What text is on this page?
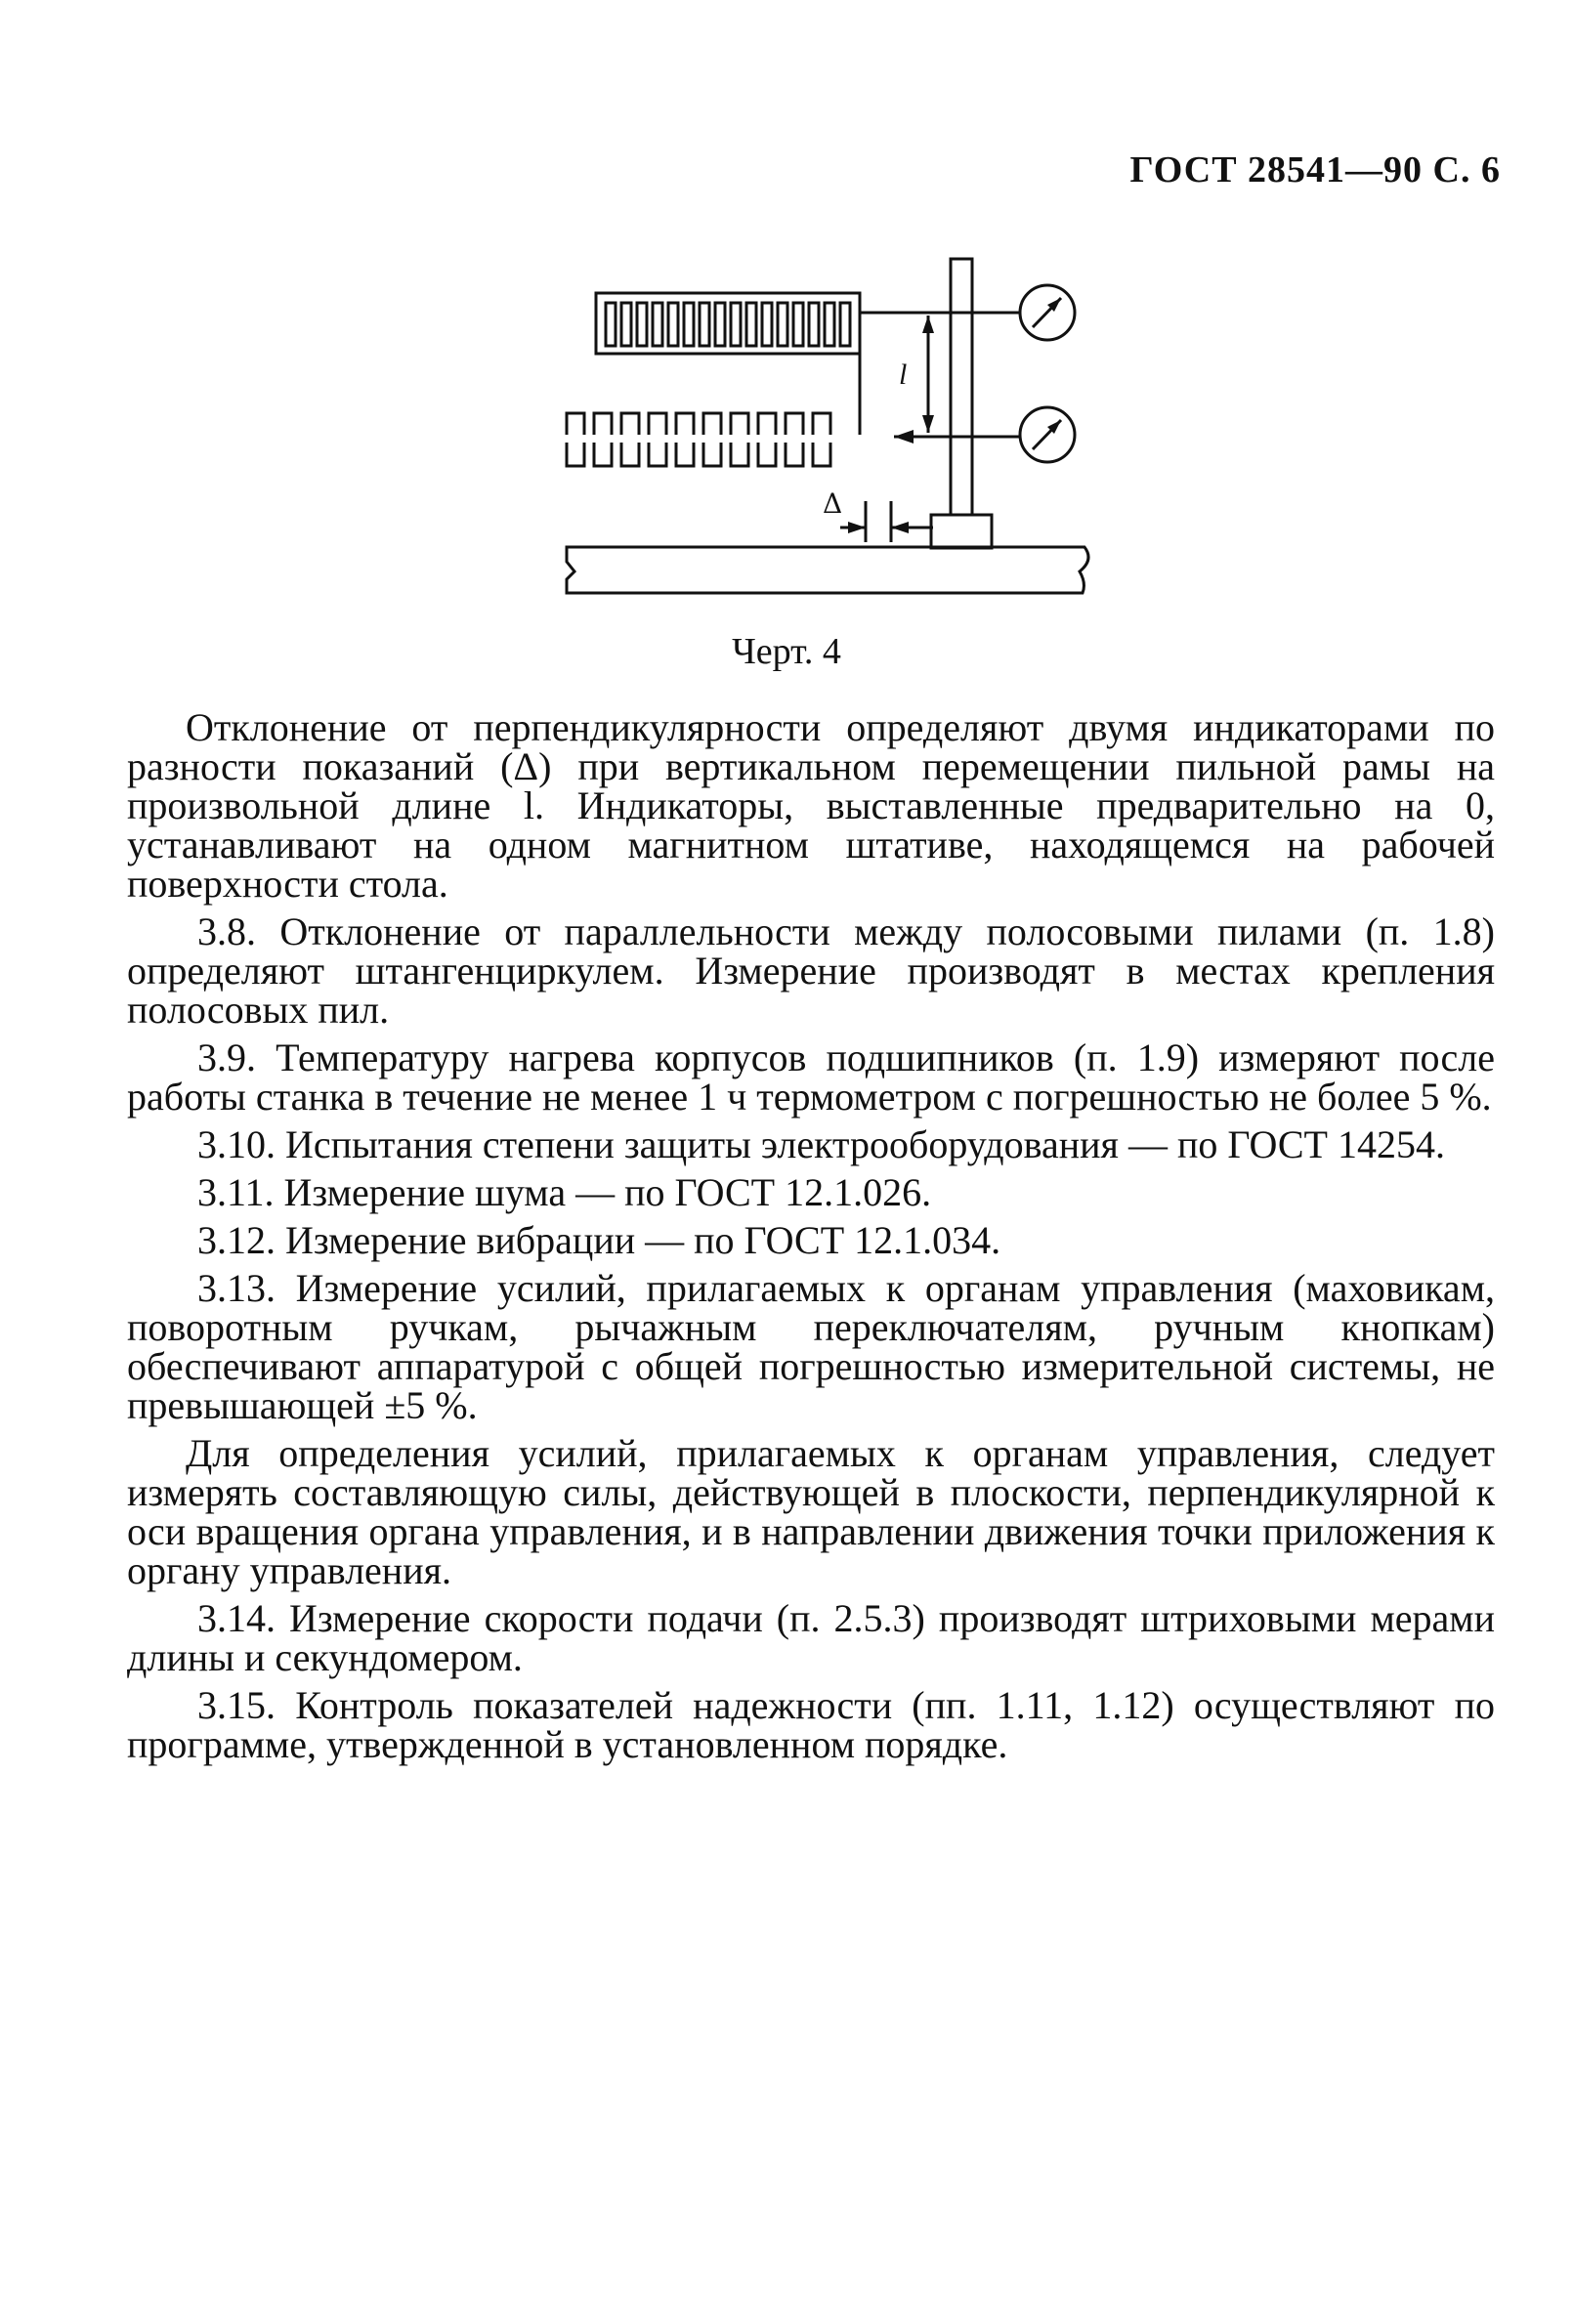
ГОСТ 28541—90 С. 6
l
Δ
Черт. 4

Отклонение от перпендикулярности определяют двумя индикаторами по разности показаний (Δ) при вертикальном перемещении пильной рамы на произвольной длине l. Индикаторы, выставленные предварительно на 0, устанавливают на одном магнитном штативе, находящемся на рабочей поверхности стола.

3.8. Отклонение от параллельности между полосовыми пилами (п. 1.8) определяют штангенциркулем. Измерение производят в местах крепления полосовых пил.

3.9. Температуру нагрева корпусов подшипников (п. 1.9) измеряют после работы станка в течение не менее 1 ч термометром с погрешностью не более 5 %.

3.10. Испытания степени защиты электрооборудования — по ГОСТ 14254.

3.11. Измерение шума — по ГОСТ 12.1.026.

3.12. Измерение вибрации — по ГОСТ 12.1.034.

3.13. Измерение усилий, прилагаемых к органам управления (маховикам, поворотным ручкам, рычажным переключателям, ручным кнопкам) обеспечивают аппаратурой с общей погрешностью измерительной системы, не превышающей ±5 %.

Для определения усилий, прилагаемых к органам управления, следует измерять составляющую силы, действующей в плоскости, перпендикулярной к оси вращения органа управления, и в направлении движения точки приложения к органу управления.

3.14. Измерение скорости подачи (п. 2.5.3) производят штриховыми мерами длины и секундомером.

3.15. Контроль показателей надежности (пп. 1.11, 1.12) осуществляют по программе, утвержденной в установленном порядке.
